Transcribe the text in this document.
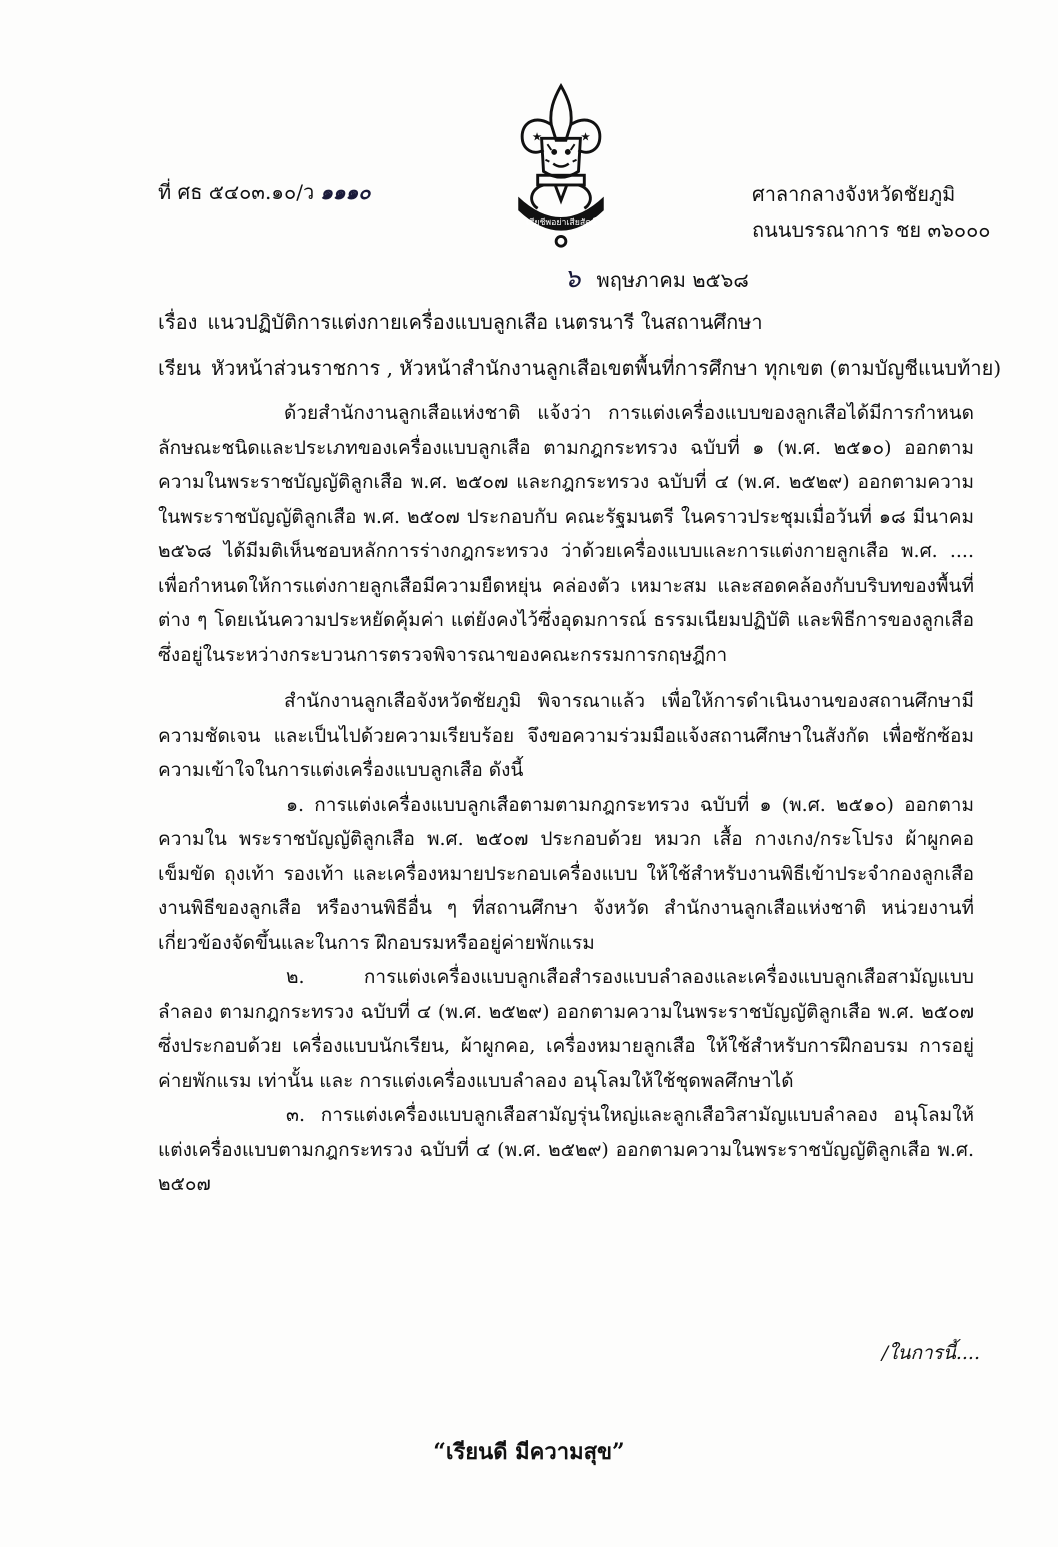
★	★
เสียชีพอย่าเสียสัตย์
ที่ ศธ ๕๔๐๓.๑๐/ว ๑๑๑๐	ศาลากลางจังหวัดชัยภูมิ
ถนนบรรณาการ ชย ๓๖๐๐๐
๖ พฤษภาคม ๒๕๖๘
เรื่อง แนวปฏิบัติการแต่งกายเครื่องแบบลูกเสือ เนตรนารี ในสถานศึกษา
เรียน หัวหน้าส่วนราชการ , หัวหน้าสำนักงานลูกเสือเขตพื้นที่การศึกษา ทุกเขต (ตามบัญชีแนบท้าย)

ด้วยสำนักงานลูกเสือแห่งชาติ แจ้งว่า การแต่งเครื่องแบบของลูกเสือได้มีการกำหนดลักษณะชนิดและประเภทของเครื่องแบบลูกเสือ ตามกฎกระทรวง ฉบับที่ ๑ (พ.ศ. ๒๕๑๐) ออกตามความในพระราชบัญญัติลูกเสือ พ.ศ. ๒๕๐๗ และกฎกระทรวง ฉบับที่ ๔ (พ.ศ. ๒๕๒๙) ออกตามความในพระราชบัญญัติลูกเสือ พ.ศ. ๒๕๐๗ ประกอบกับ คณะรัฐมนตรี ในคราวประชุมเมื่อวันที่ ๑๘ มีนาคม ๒๕๖๘ ได้มีมติเห็นชอบหลักการร่างกฎกระทรวง ว่าด้วยเครื่องแบบและการแต่งกายลูกเสือ พ.ศ. .... เพื่อกำหนดให้การแต่งกายลูกเสือมีความยืดหยุ่น คล่องตัว เหมาะสม และสอดคล้องกับบริบทของพื้นที่ต่าง ๆ โดยเน้นความประหยัดคุ้มค่า แต่ยังคงไว้ซึ่งอุดมการณ์ ธรรมเนียมปฏิบัติ และพิธีการของลูกเสือ ซึ่งอยู่ในระหว่างกระบวนการตรวจพิจารณาของคณะกรรมการกฤษฎีกา

สำนักงานลูกเสือจังหวัดชัยภูมิ พิจารณาแล้ว เพื่อให้การดำเนินงานของสถานศึกษามีความชัดเจน และเป็นไปด้วยความเรียบร้อย จึงขอความร่วมมือแจ้งสถานศึกษาในสังกัด เพื่อซักซ้อมความเข้าใจในการแต่งเครื่องแบบลูกเสือ ดังนี้

๑. การแต่งเครื่องแบบลูกเสือตามตามกฎกระทรวง ฉบับที่ ๑ (พ.ศ. ๒๕๑๐) ออกตามความใน พระราชบัญญัติลูกเสือ พ.ศ. ๒๕๐๗ ประกอบด้วย หมวก เสื้อ กางเกง/กระโปรง ผ้าผูกคอ เข็มขัด ถุงเท้า รองเท้า และเครื่องหมายประกอบเครื่องแบบ ให้ใช้สำหรับงานพิธีเข้าประจำกองลูกเสือ งานพิธีของลูกเสือ หรืองานพิธีอื่น ๆ ที่สถานศึกษา จังหวัด สำนักงานลูกเสือแห่งชาติ หน่วยงานที่เกี่ยวข้องจัดขึ้นและในการ ฝึกอบรมหรืออยู่ค่ายพักแรม

๒. การแต่งเครื่องแบบลูกเสือสำรองแบบลำลองและเครื่องแบบลูกเสือสามัญแบบลำลอง ตามกฎกระทรวง ฉบับที่ ๔ (พ.ศ. ๒๕๒๙) ออกตามความในพระราชบัญญัติลูกเสือ พ.ศ. ๒๕๐๗ ซึ่งประกอบด้วย เครื่องแบบนักเรียน, ผ้าผูกคอ, เครื่องหมายลูกเสือ ให้ใช้สำหรับการฝึกอบรม การอยู่ค่ายพักแรม เท่านั้น และ การแต่งเครื่องแบบลำลอง อนุโลมให้ใช้ชุดพลศึกษาได้

๓. การแต่งเครื่องแบบลูกเสือสามัญรุ่นใหญ่และลูกเสือวิสามัญแบบลำลอง อนุโลมให้แต่งเครื่องแบบตามกฎกระทรวง ฉบับที่ ๔ (พ.ศ. ๒๕๒๙) ออกตามความในพระราชบัญญัติลูกเสือ พ.ศ. ๒๕๐๗

/ในการนี้....
“เรียนดี มีความสุข”
